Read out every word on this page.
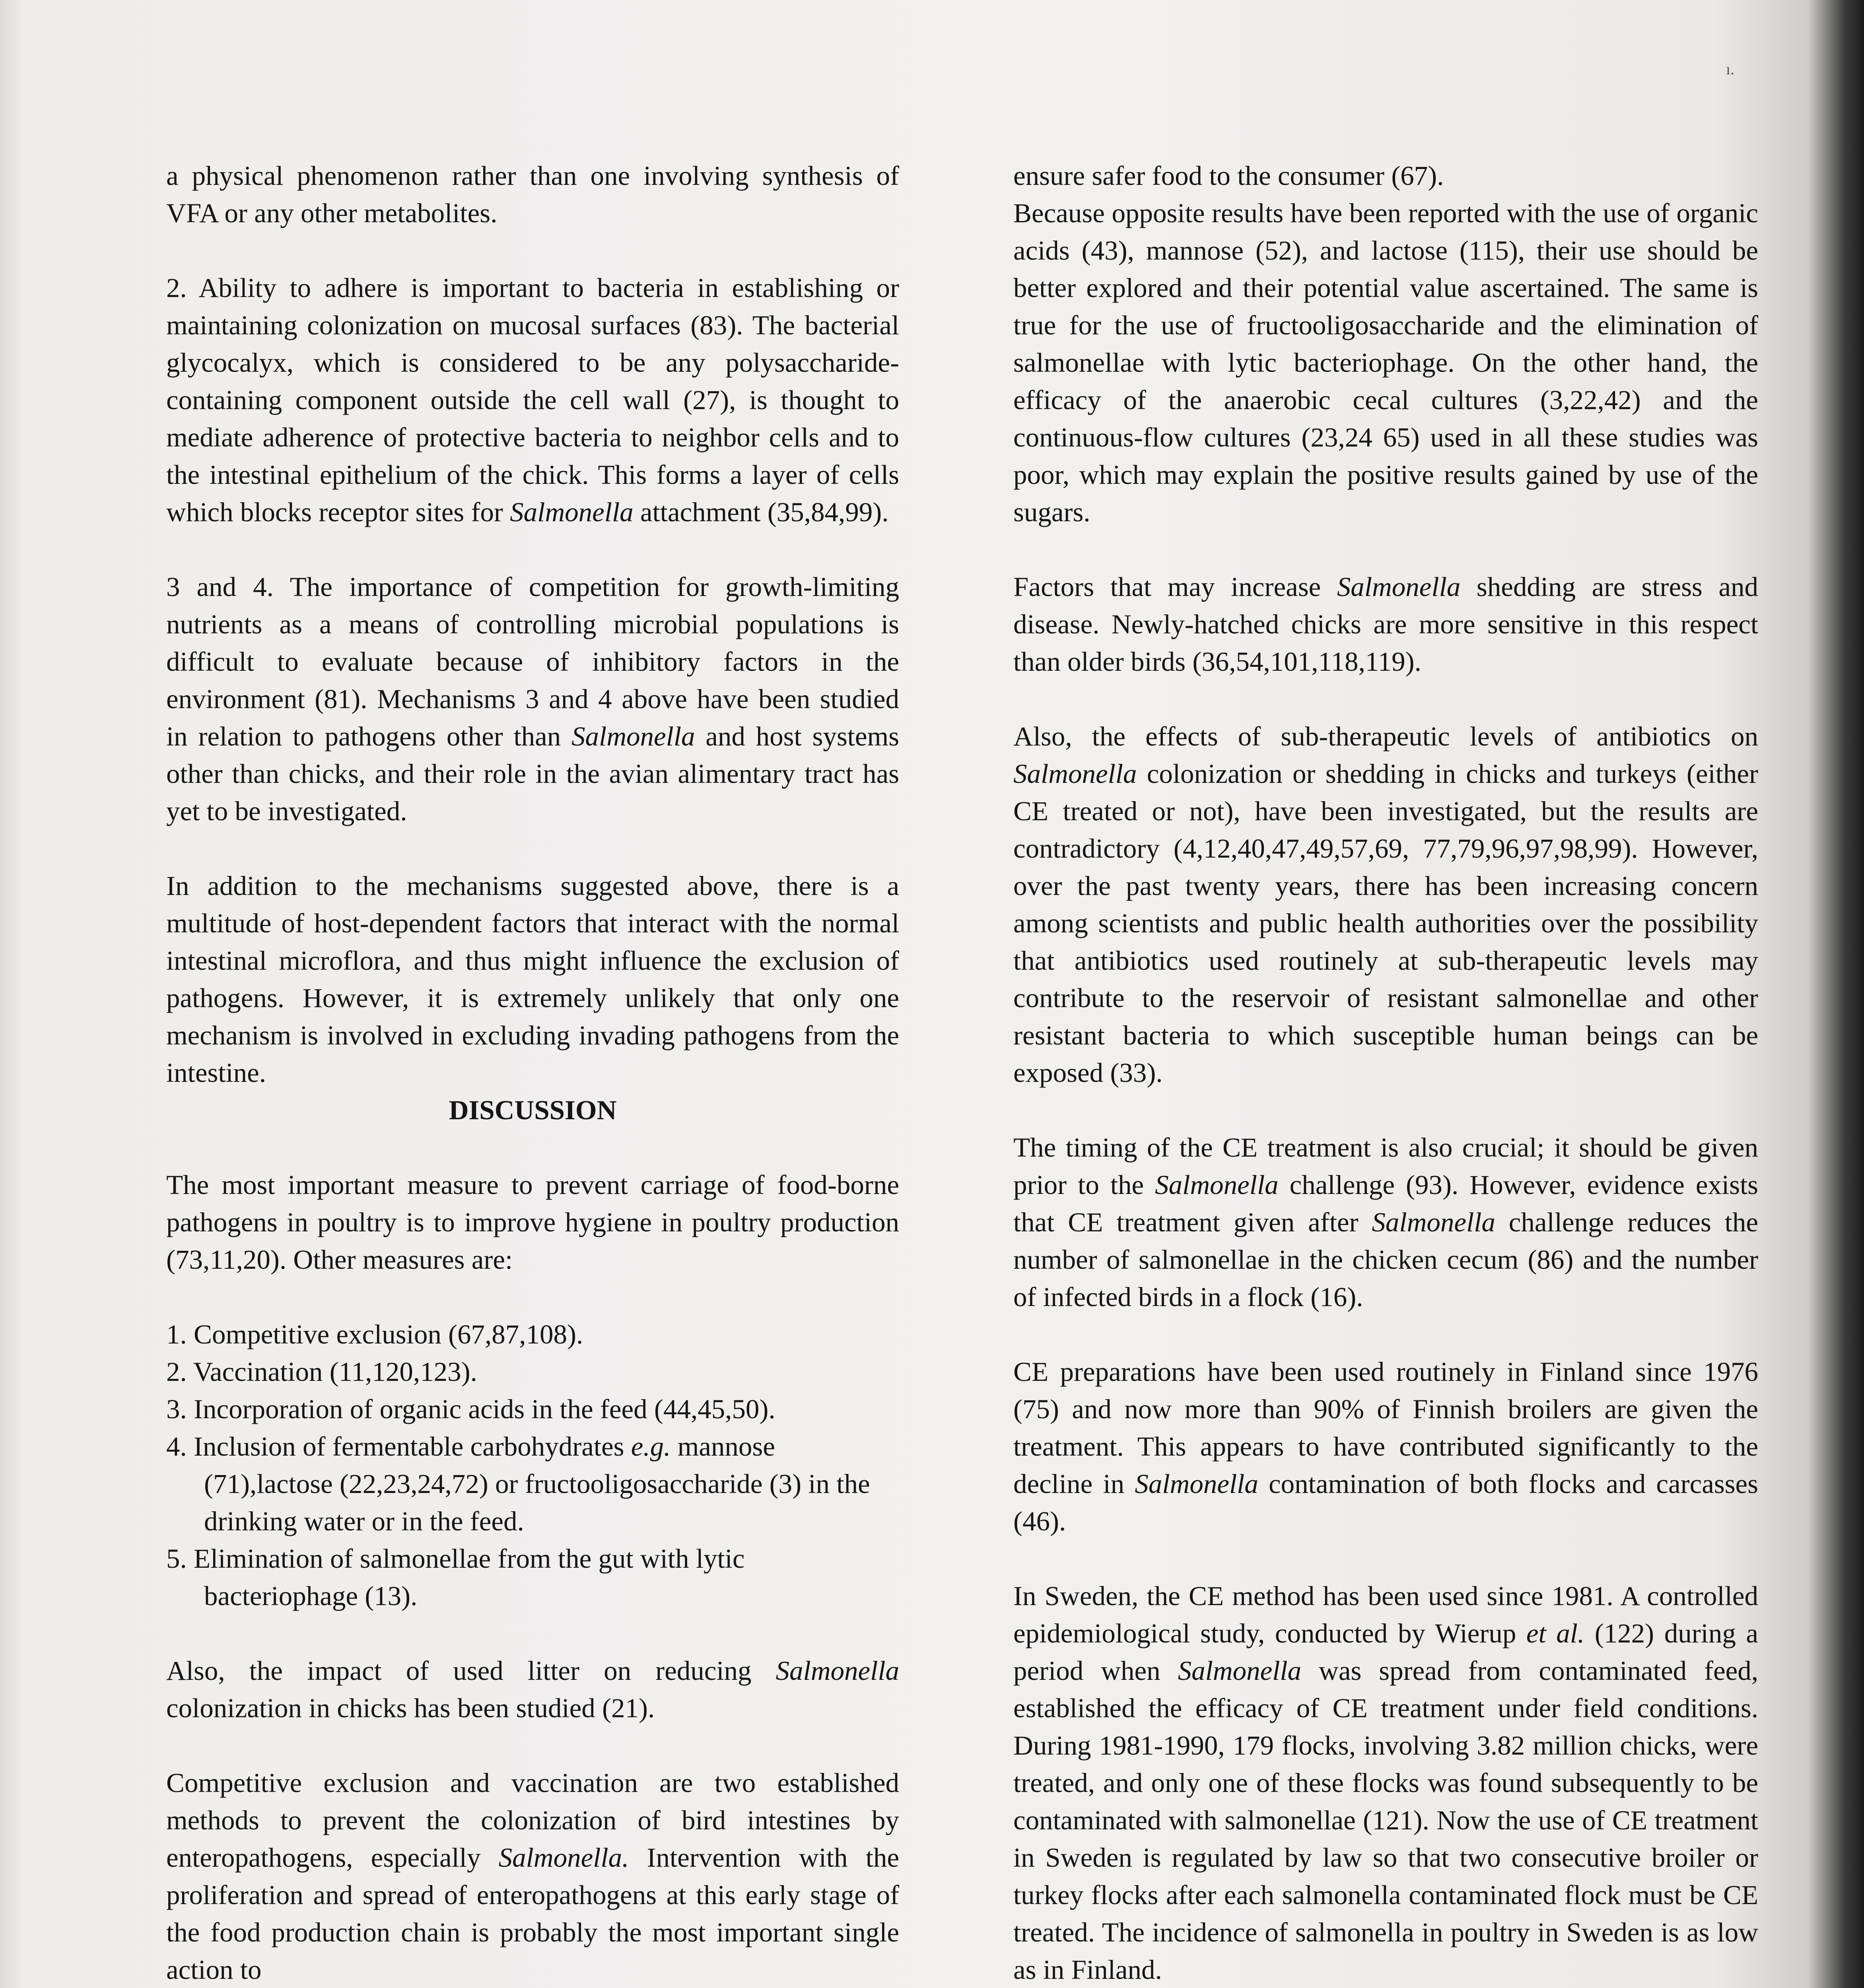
ı.

a physical phenomenon rather than one involving synthesis of VFA or any other metabolites.

2. Ability to adhere is important to bacteria in establishing or maintaining colonization on mucosal surfaces (83). The bacterial glycocalyx, which is considered to be any polysaccharide-containing component outside the cell wall (27), is thought to mediate adherence of protective bacteria to neighbor cells and to the intestinal epithelium of the chick. This forms a layer of cells which blocks receptor sites for Salmonella attachment (35,84,99).

3 and 4. The importance of competition for growth-limiting nutrients as a means of controlling microbial populations is difficult to evaluate because of inhibitory factors in the environment (81). Mechanisms 3 and 4 above have been studied in relation to pathogens other than Salmonella and host systems other than chicks, and their role in the avian alimentary tract has yet to be investigated.

In addition to the mechanisms suggested above, there is a multitude of host-dependent factors that interact with the normal intestinal microflora, and thus might influence the exclusion of pathogens. However, it is extremely unlikely that only one mechanism is involved in excluding invading pathogens from the intestine.

DISCUSSION

The most important measure to prevent carriage of food-borne pathogens in poultry is to improve hygiene in poultry production (73,11,20). Other measures are:

1. Competitive exclusion (67,87,108).
2. Vaccination (11,120,123).
3. Incorporation of organic acids in the feed (44,45,50).
4. Inclusion of fermentable carbohydrates e.g. mannose (71),lactose (22,23,24,72) or fructooligosaccharide (3) in the drinking water or in the feed.
5. Elimination of salmonellae from the gut with lytic bacteriophage (13).

Also, the impact of used litter on reducing Salmonella colonization in chicks has been studied (21).

Competitive exclusion and vaccination are two established methods to prevent the colonization of bird intestines by enteropathogens, especially Salmonella. Intervention with the proliferation and spread of enteropathogens at this early stage of the food production chain is probably the most important single action to

ensure safer food to the consumer (67).

Because opposite results have been reported with the use of organic acids (43), mannose (52), and lactose (115), their use should be better explored and their potential value ascertained. The same is true for the use of fructooligosaccharide and the elimination of salmonellae with lytic bacteriophage. On the other hand, the efficacy of the anaerobic cecal cultures (3,22,42) and the continuous-flow cultures (23,24 65) used in all these studies was poor, which may explain the positive results gained by use of the sugars.

Factors that may increase Salmonella shedding are stress and disease. Newly-hatched chicks are more sensitive in this respect than older birds (36,54,101,118,119).

Also, the effects of sub-therapeutic levels of antibiotics on Salmonella colonization or shedding in chicks and turkeys (either CE treated or not), have been investigated, but the results are contradictory (4,12,40,47,49,57,69, 77,79,96,97,98,99). However, over the past twenty years, there has been increasing concern among scientists and public health authorities over the possibility that antibiotics used routinely at sub-therapeutic levels may contribute to the reservoir of resistant salmonellae and other resistant bacteria to which susceptible human beings can be exposed (33).

The timing of the CE treatment is also crucial; it should be given prior to the Salmonella challenge (93). However, evidence exists that CE treatment given after Salmonella challenge reduces the number of salmonellae in the chicken cecum (86) and the number of infected birds in a flock (16).

CE preparations have been used routinely in Finland since 1976 (75) and now more than 90% of Finnish broilers are given the treatment. This appears to have contributed significantly to the decline in Salmonella contamination of both flocks and carcasses (46).

In Sweden, the CE method has been used since 1981. A controlled epidemiological study, conducted by Wierup et al. (122) during a period when Salmonella was spread from contaminated feed, established the efficacy of CE treatment under field conditions. During 1981-1990, 179 flocks, involving 3.82 million chicks, were treated, and only one of these flocks was found subsequently to be contaminated with salmonellae (121). Now the use of CE treatment in Sweden is regulated by law so that two consecutive broiler or turkey flocks after each salmonella contaminated flock must be CE treated. The incidence of salmonella in poultry in Sweden is as low as in Finland.
